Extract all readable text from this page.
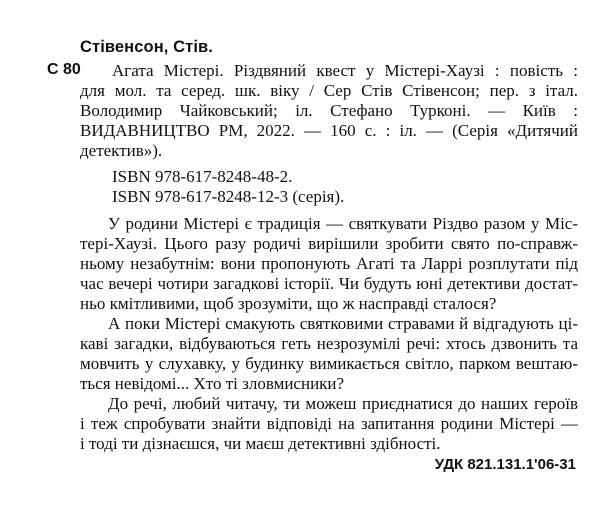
Стівенсон, Стів.
С 80 Агата Містері. Різдвяний квест у Містері-Хаузі : повість :
для мол. та серед. шк. віку / Сер Стів Стівенсон; пер. з італ.
Володимир Чайковський; іл. Стефано Турконі. — Київ :
ВИДАВНИЦТВО РМ, 2022. — 160 с. : іл. — (Серія «Дитячий
детектив»).
ISBN 978-617-8248-48-2.
ISBN 978-617-8248-12-3 (серія).
У родини Містері є традиція — святкувати Різдво разом у Міс-
тері-Хаузі. Цього разу родичі вирішили зробити свято по-справж-
ньому незабутнім: вони пропонують Агаті та Ларрі розплутати під
час вечері чотири загадкові історії. Чи будуть юні детективи достат-
ньо кмітливими, щоб зрозуміти, що ж насправді сталося?
А поки Містері смакують святковими стравами й відгадують ці-
каві загадки, відбуваються геть незрозумілі речі: хтось дзвонить та
мовчить у слухавку, у будинку вимикається світло, парком вештаю-
ться невідомі... Хто ті зловмисники?
До речі, любий читачу, ти можеш приєднатися до наших героїв
і теж спробувати знайти відповіді на запитання родини Містері —
і тоді ти дізнаєшся, чи маєш детективні здібності.
УДК 821.131.1'06-31
